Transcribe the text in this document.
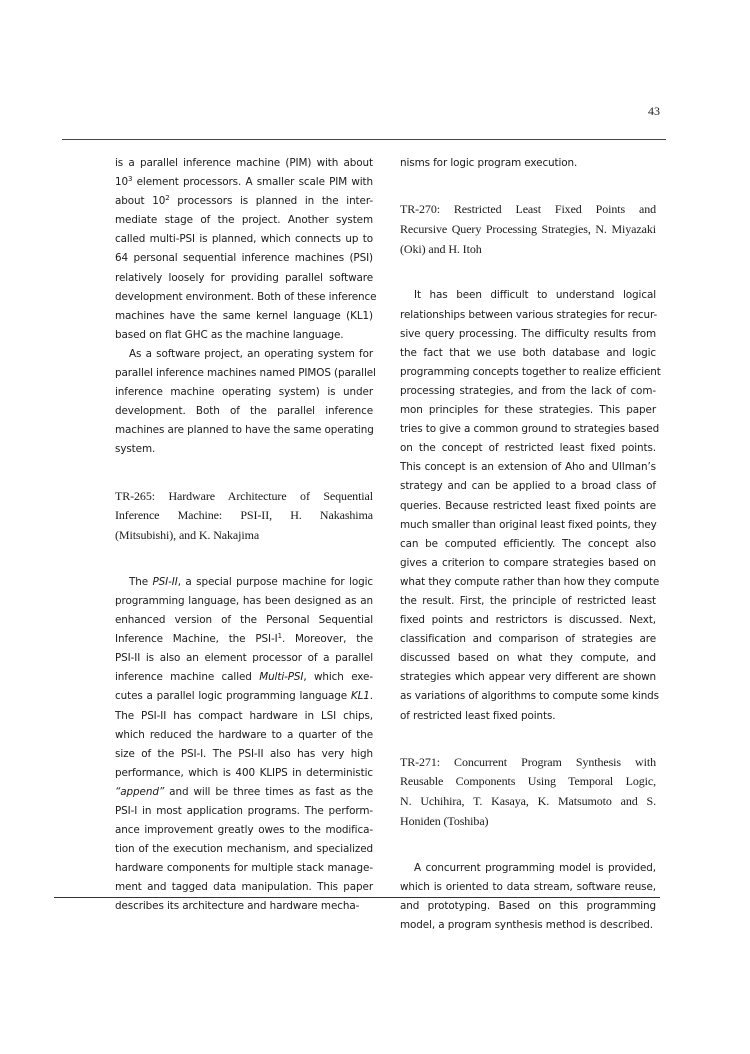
43
is a parallel inference machine (PIM) with about
$10^3$ element processors. A smaller scale PIM with
about $10^2$ processors is planned in the inter-
mediate stage of the project. Another system
called multi-PSI is planned, which connects up to
64 personal sequential inference machines (PSI)
relatively loosely for providing parallel software
development environment. Both of these inference
machines have the same kernel language (KL1)
based on flat GHC as the machine language.
As a software project, an operating system for
parallel inference machines named PIMOS (parallel
inference machine operating system) is under
development. Both of the parallel inference
machines are planned to have the same operating
system.
TR-265: Hardware Architecture of Sequential
Inference Machine: PSI-II, H. Nakashima
(Mitsubishi), and K. Nakajima
The PSI-II, a special purpose machine for logic
programming language, has been designed as an
enhanced version of the Personal Sequential
Inference Machine, the PSI-$I^1$. Moreover, the
PSI-II is also an element processor of a parallel
inference machine called Multi-PSI, which exe-
cutes a parallel logic programming language KL1.
The PSI-II has compact hardware in LSI chips,
which reduced the hardware to a quarter of the
size of the PSI-I. The PSI-II also has very high
performance, which is 400 KLIPS in deterministic
“append” and will be three times as fast as the
PSI-I in most application programs. The perform-
ance improvement greatly owes to the modifica-
tion of the execution mechanism, and specialized
hardware components for multiple stack manage-
ment and tagged data manipulation. This paper
describes its architecture and hardware mecha-
nisms for logic program execution.
TR-270: Restricted Least Fixed Points and
Recursive Query Processing Strategies, N. Miyazaki
(Oki) and H. Itoh
It has been difficult to understand logical
relationships between various strategies for recur-
sive query processing. The difficulty results from
the fact that we use both database and logic
programming concepts together to realize efficient
processing strategies, and from the lack of com-
mon principles for these strategies. This paper
tries to give a common ground to strategies based
on the concept of restricted least fixed points.
This concept is an extension of Aho and Ullman’s
strategy and can be applied to a broad class of
queries. Because restricted least fixed points are
much smaller than original least fixed points, they
can be computed efficiently. The concept also
gives a criterion to compare strategies based on
what they compute rather than how they compute
the result. First, the principle of restricted least
fixed points and restrictors is discussed. Next,
classification and comparison of strategies are
discussed based on what they compute, and
strategies which appear very different are shown
as variations of algorithms to compute some kinds
of restricted least fixed points.
TR-271: Concurrent Program Synthesis with
Reusable Components Using Temporal Logic,
N. Uchihira, T. Kasaya, K. Matsumoto and S.
Honiden (Toshiba)
A concurrent programming model is provided,
which is oriented to data stream, software reuse,
and prototyping. Based on this programming
model, a program synthesis method is described.
